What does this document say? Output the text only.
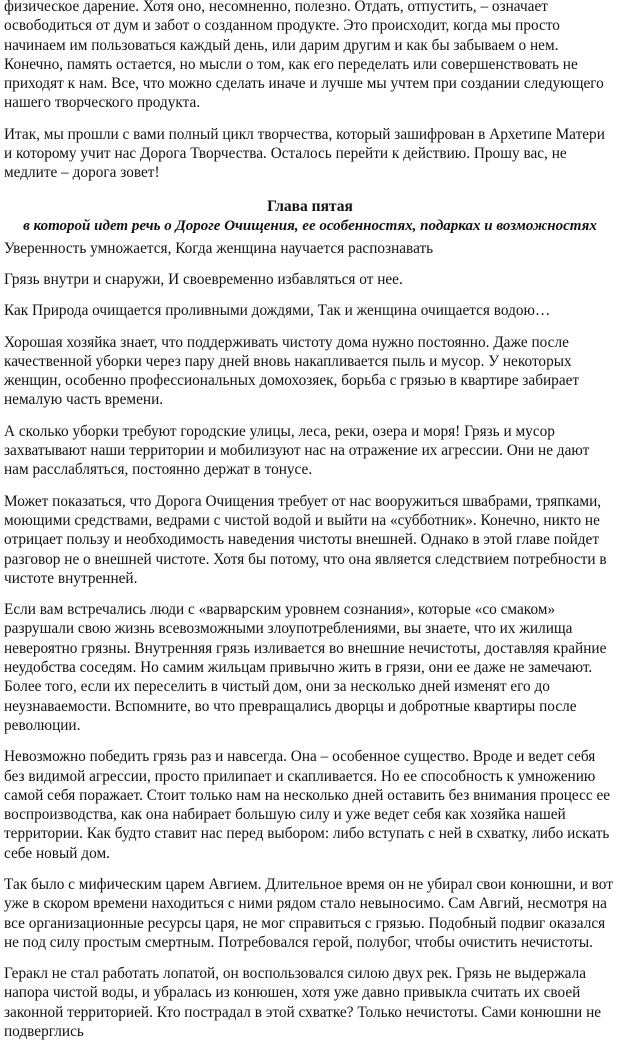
физическое дарение. Хотя оно, несомненно, полезно. Отдать, отпустить, – означает освободиться от дум и забот о созданном продукте. Это происходит, когда мы просто начинаем им пользоваться каждый день, или дарим другим и как бы забываем о нем. Конечно, память остается, но мысли о том, как его переделать или совершенствовать не приходят к нам. Все, что можно сделать иначе и лучше мы учтем при создании следующего нашего творческого продукта.

Итак, мы прошли с вами полный цикл творчества, который зашифрован в Архетипе Матери и которому учит нас Дорога Творчества. Осталось перейти к действию. Прошу вас, не медлите – дорога зовет!

Глава пятая
в которой идет речь о Дороге Очищения, ее особенностях, подарках и возможностях

Уверенность умножается, Когда женщина научается распознавать

Грязь внутри и снаружи, И своевременно избавляться от нее.

Как Природа очищается проливными дождями, Так и женщина очищается водою…

Хорошая хозяйка знает, что поддерживать чистоту дома нужно постоянно. Даже после качественной уборки через пару дней вновь накапливается пыль и мусор. У некоторых женщин, особенно профессиональных домохозяек, борьба с грязью в квартире забирает немалую часть времени.

А сколько уборки требуют городские улицы, леса, реки, озера и моря! Грязь и мусор захватывают наши территории и мобилизуют нас на отражение их агрессии. Они не дают нам расслабляться, постоянно держат в тонусе.

Может показаться, что Дорога Очищения требует от нас вооружиться швабрами, тряпками, моющими средствами, ведрами с чистой водой и выйти на «субботник». Конечно, никто не отрицает пользу и необходимость наведения чистоты внешней. Однако в этой главе пойдет разговор не о внешней чистоте. Хотя бы потому, что она является следствием потребности в чистоте внутренней.

Если вам встречались люди с «варварским уровнем сознания», которые «со смаком» разрушали свою жизнь всевозможными злоупотреблениями, вы знаете, что их жилища невероятно грязны. Внутренняя грязь изливается во внешние нечистоты, доставляя крайние неудобства соседям. Но самим жильцам привычно жить в грязи, они ее даже не замечают. Более того, если их переселить в чистый дом, они за несколько дней изменят его до неузнаваемости. Вспомните, во что превращались дворцы и добротные квартиры после революции.

Невозможно победить грязь раз и навсегда. Она – особенное существо. Вроде и ведет себя без видимой агрессии, просто прилипает и скапливается. Но ее способность к умножению самой себя поражает. Стоит только нам на несколько дней оставить без внимания процесс ее воспроизводства, как она набирает большую силу и уже ведет себя как хозяйка нашей территории. Как будто ставит нас перед выбором: либо вступать с ней в схватку, либо искать себе новый дом.

Так было с мифическим царем Авгием. Длительное время он не убирал свои конюшни, и вот уже в скором времени находиться с ними рядом стало невыносимо. Сам Авгий, несмотря на все организационные ресурсы царя, не мог справиться с грязью. Подобный подвиг оказался не под силу простым смертным. Потребовался герой, полубог, чтобы очистить нечистоты.

Геракл не стал работать лопатой, он воспользовался силою двух рек. Грязь не выдержала напора чистой воды, и убралась из конюшен, хотя уже давно привыкла считать их своей законной территорией. Кто пострадал в этой схватке? Только нечистоты. Сами конюшни не подверглись
